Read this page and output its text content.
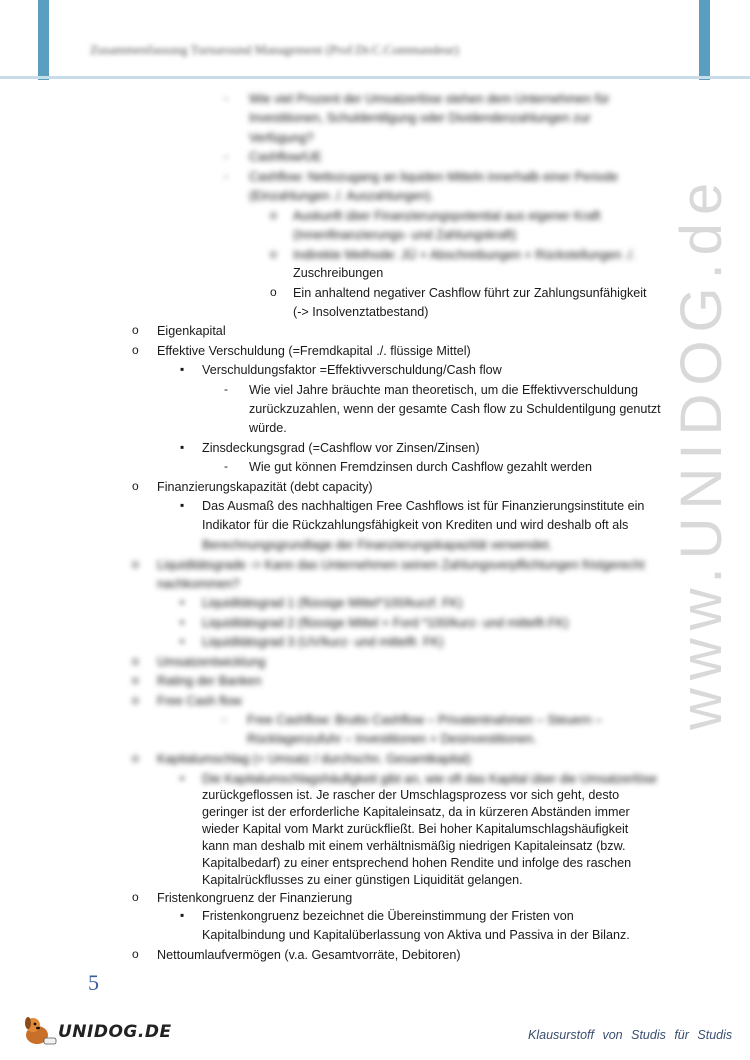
Zusammenfassung Turnaround Management (Prof.Dr.C.Commandeur)
www.UNIDOG.de
- Wie viel Prozent der Umsatzerlöse stehen dem Unternehmen für
Investitionen, Schuldentilgung oder Dividendenzahlungen zur
Verfügung?
- Cashflow/UE
- Cashflow: Nettozugang an liquiden Mitteln innerhalb einer Periode
(Einzahlungen ./. Auszahlungen).
o Auskunft über Finanzierungspotential aus eigener Kraft
(Innenfinanzierungs- und Zahlungskraft)
o Indirekte Methode: JÜ + Abschreibungen + Rückstellungen ./.
Zuschreibungen
o Ein anhaltend negativer Cashflow führt zur Zahlungsunfähigkeit
(-> Insolvenztatbestand)
o Eigenkapital
o Effektive Verschuldung (=Fremdkapital ./. flüssige Mittel)
▪ Verschuldungsfaktor =Effektivverschuldung/Cash flow
- Wie viel Jahre bräuchte man theoretisch, um die Effektivverschuldung
zurückzuzahlen, wenn der gesamte Cash flow zu Schuldentilgung genutzt
würde.
▪ Zinsdeckungsgrad (=Cashflow vor Zinsen/Zinsen)
- Wie gut können Fremdzinsen durch Cashflow gezahlt werden
o Finanzierungskapazität (debt capacity)
▪ Das Ausmaß des nachhaltigen Free Cashflows ist für Finanzierungsinstitute ein
Indikator für die Rückzahlungsfähigkeit von Krediten und wird deshalb oft als
Berechnungsgrundlage der Finanzierungskapazität verwendet.
o Liquiditätsgrade -> Kann das Unternehmen seinen Zahlungsverpflichtungen fristgerecht
nachkommen?
▪ Liquiditätsgrad 1 (flüssige Mittel*100/kurzf. FK)
▪ Liquiditätsgrad 2 (flüssige Mittel + Ford *100/kurz- und mittelfr.FK)
▪ Liquiditätsgrad 3 (UV/kurz- und mittelfr. FK)
o Umsatzentwicklung
o Rating der Banken
o Free Cash flow
- Free Cashflow: Brutto Cashflow – Privatentnahmen – Steuern –
Rücklagenzufuhr – Investitionen + Desinvestitionen.
o Kapitalumschlag (= Umsatz / durchschn. Gesamtkapital)
▪ Die Kapitalumschlagshäufigkeit gibt an, wie oft das Kapital über die Umsatzerlöse
zurückgeflossen ist. Je rascher der Umschlagsprozess vor sich geht, desto
geringer ist der erforderliche Kapitaleinsatz, da in kürzeren Abständen immer
wieder Kapital vom Markt zurückfließt. Bei hoher Kapitalumschlagshäufigkeit
kann man deshalb mit einem verhältnismäßig niedrigen Kapitaleinsatz (bzw.
Kapitalbedarf) zu einer entsprechend hohen Rendite und infolge des raschen
Kapitalrückflusses zu einer günstigen Liquidität gelangen.
o Fristenkongruenz der Finanzierung
▪ Fristenkongruenz bezeichnet die Übereinstimmung der Fristen von
Kapitalbindung und Kapitalüberlassung von Aktiva und Passiva in der Bilanz.
o Nettoumlaufvermögen (v.a. Gesamtvorräte, Debitoren)
5
UNIDOG.DE	Klausurstoff von Studis für Studis
